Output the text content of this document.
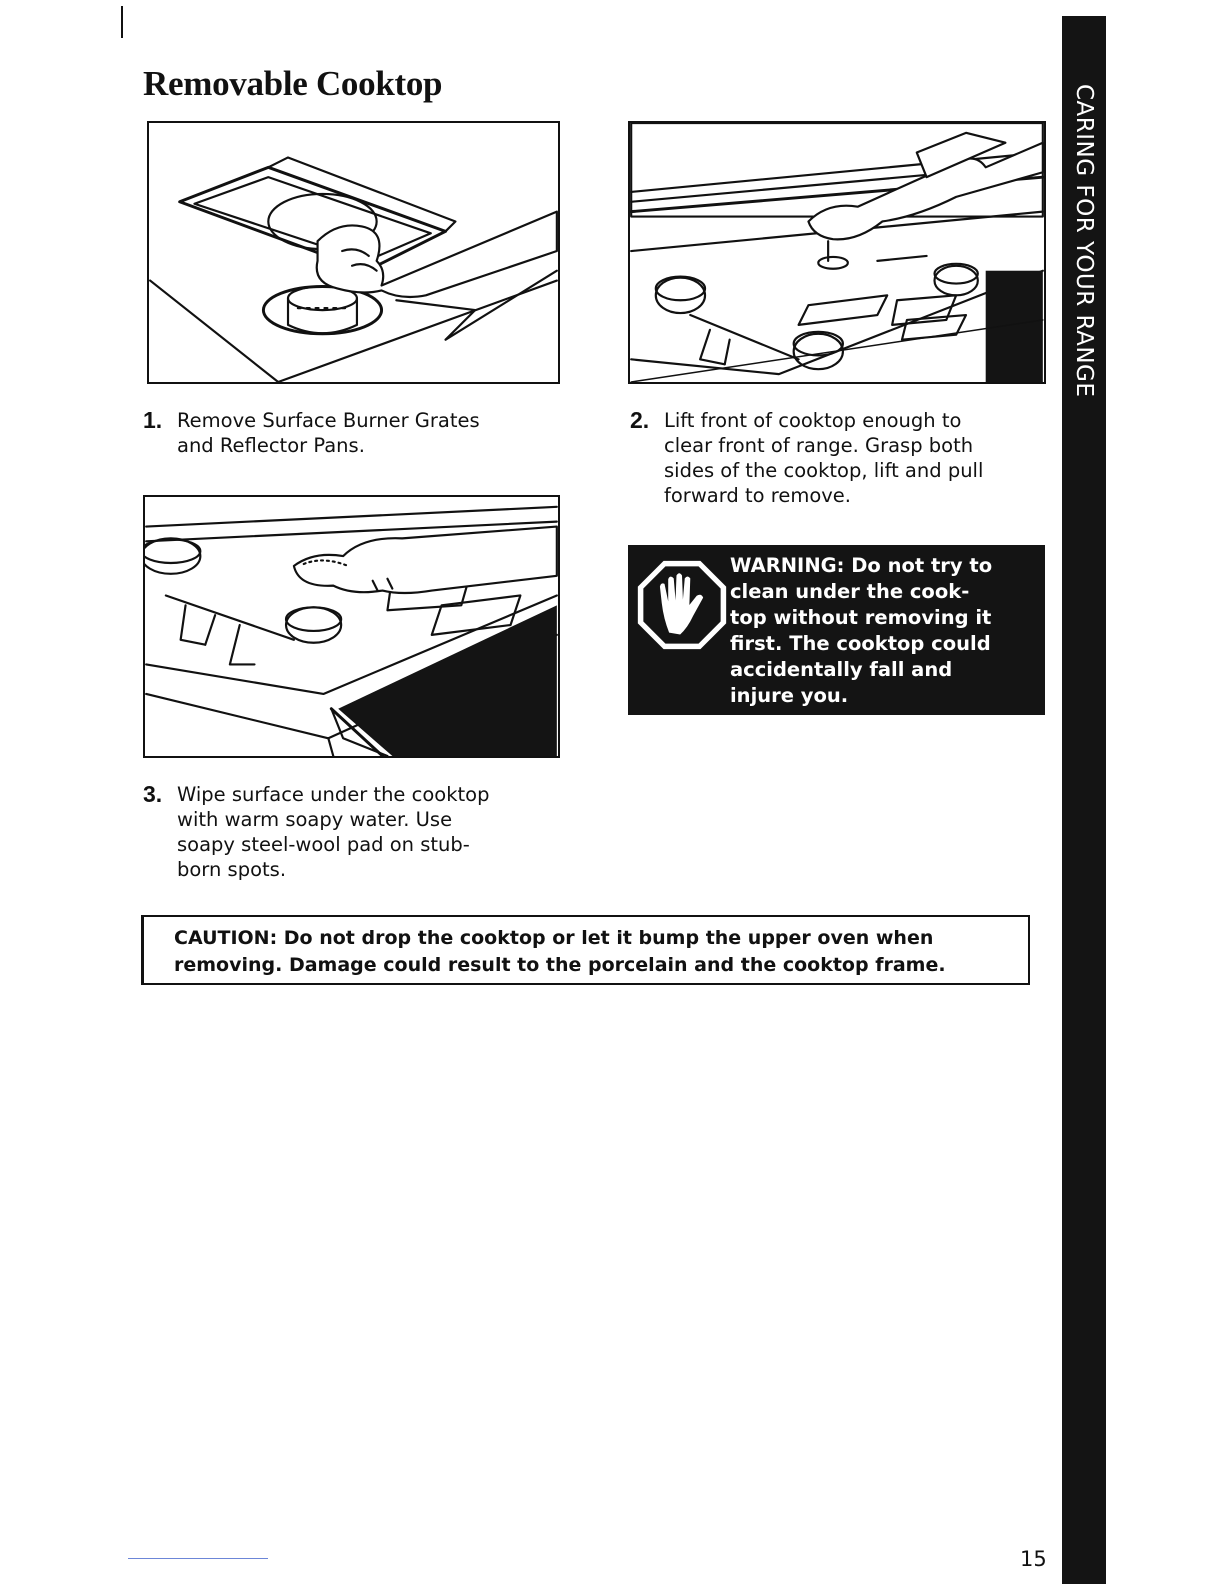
Removable Cooktop
1. Remove Surface Burner Grates
and Reflector Pans.
2. Lift front of cooktop enough to
clear front of range. Grasp both
sides of the cooktop, lift and pull
forward to remove.
WARNING: Do not try to
clean under the cook-
top without removing it
first. The cooktop could
accidentally fall and
injure you.
3. Wipe surface under the cooktop
with warm soapy water. Use
soapy steel-wool pad on stub-
born spots.
CAUTION: Do not drop the cooktop or let it bump the upper oven when
removing. Damage could result to the porcelain and the cooktop frame.
CARING FOR YOUR RANGE
15
